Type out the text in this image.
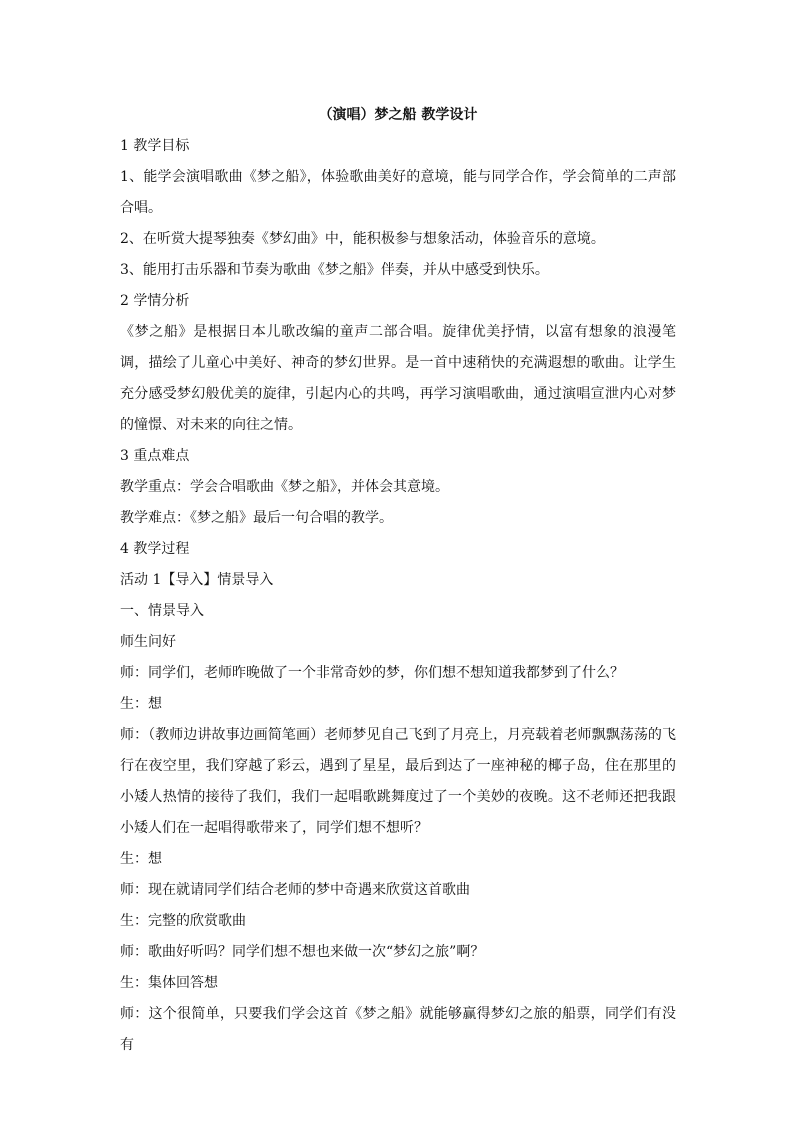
（演唱）梦之船 教学设计

1 教学目标

1、能学会演唱歌曲《梦之船》，体验歌曲美好的意境，能与同学合作，学会简单的二声部合唱。

2、在听赏大提琴独奏《梦幻曲》中，能积极参与想象活动，体验音乐的意境。

3、能用打击乐器和节奏为歌曲《梦之船》伴奏，并从中感受到快乐。

2 学情分析

《梦之船》是根据日本儿歌改编的童声二部合唱。旋律优美抒情，以富有想象的浪漫笔调，描绘了儿童心中美好、神奇的梦幻世界。是一首中速稍快的充满遐想的歌曲。让学生充分感受梦幻般优美的旋律，引起内心的共鸣，再学习演唱歌曲，通过演唱宣泄内心对梦的憧憬、对未来的向往之情。

3 重点难点

教学重点：学会合唱歌曲《梦之船》，并体会其意境。

教学难点：《梦之船》最后一句合唱的教学。

4 教学过程

活动 1【导入】情景导入

一、情景导入

师生问好

师：同学们，老师昨晚做了一个非常奇妙的梦，你们想不想知道我都梦到了什么？

生：想

师：（教师边讲故事边画简笔画）老师梦见自己飞到了月亮上，月亮载着老师飘飘荡荡的飞行在夜空里，我们穿越了彩云，遇到了星星，最后到达了一座神秘的椰子岛，住在那里的小矮人热情的接待了我们，我们一起唱歌跳舞度过了一个美妙的夜晚。这不老师还把我跟小矮人们在一起唱得歌带来了，同学们想不想听？

生：想

师：现在就请同学们结合老师的梦中奇遇来欣赏这首歌曲

生：完整的欣赏歌曲

师：歌曲好听吗？同学们想不想也来做一次“梦幻之旅”啊？

生：集体回答想

师：这个很简单，只要我们学会这首《梦之船》就能够赢得梦幻之旅的船票，同学们有没有
